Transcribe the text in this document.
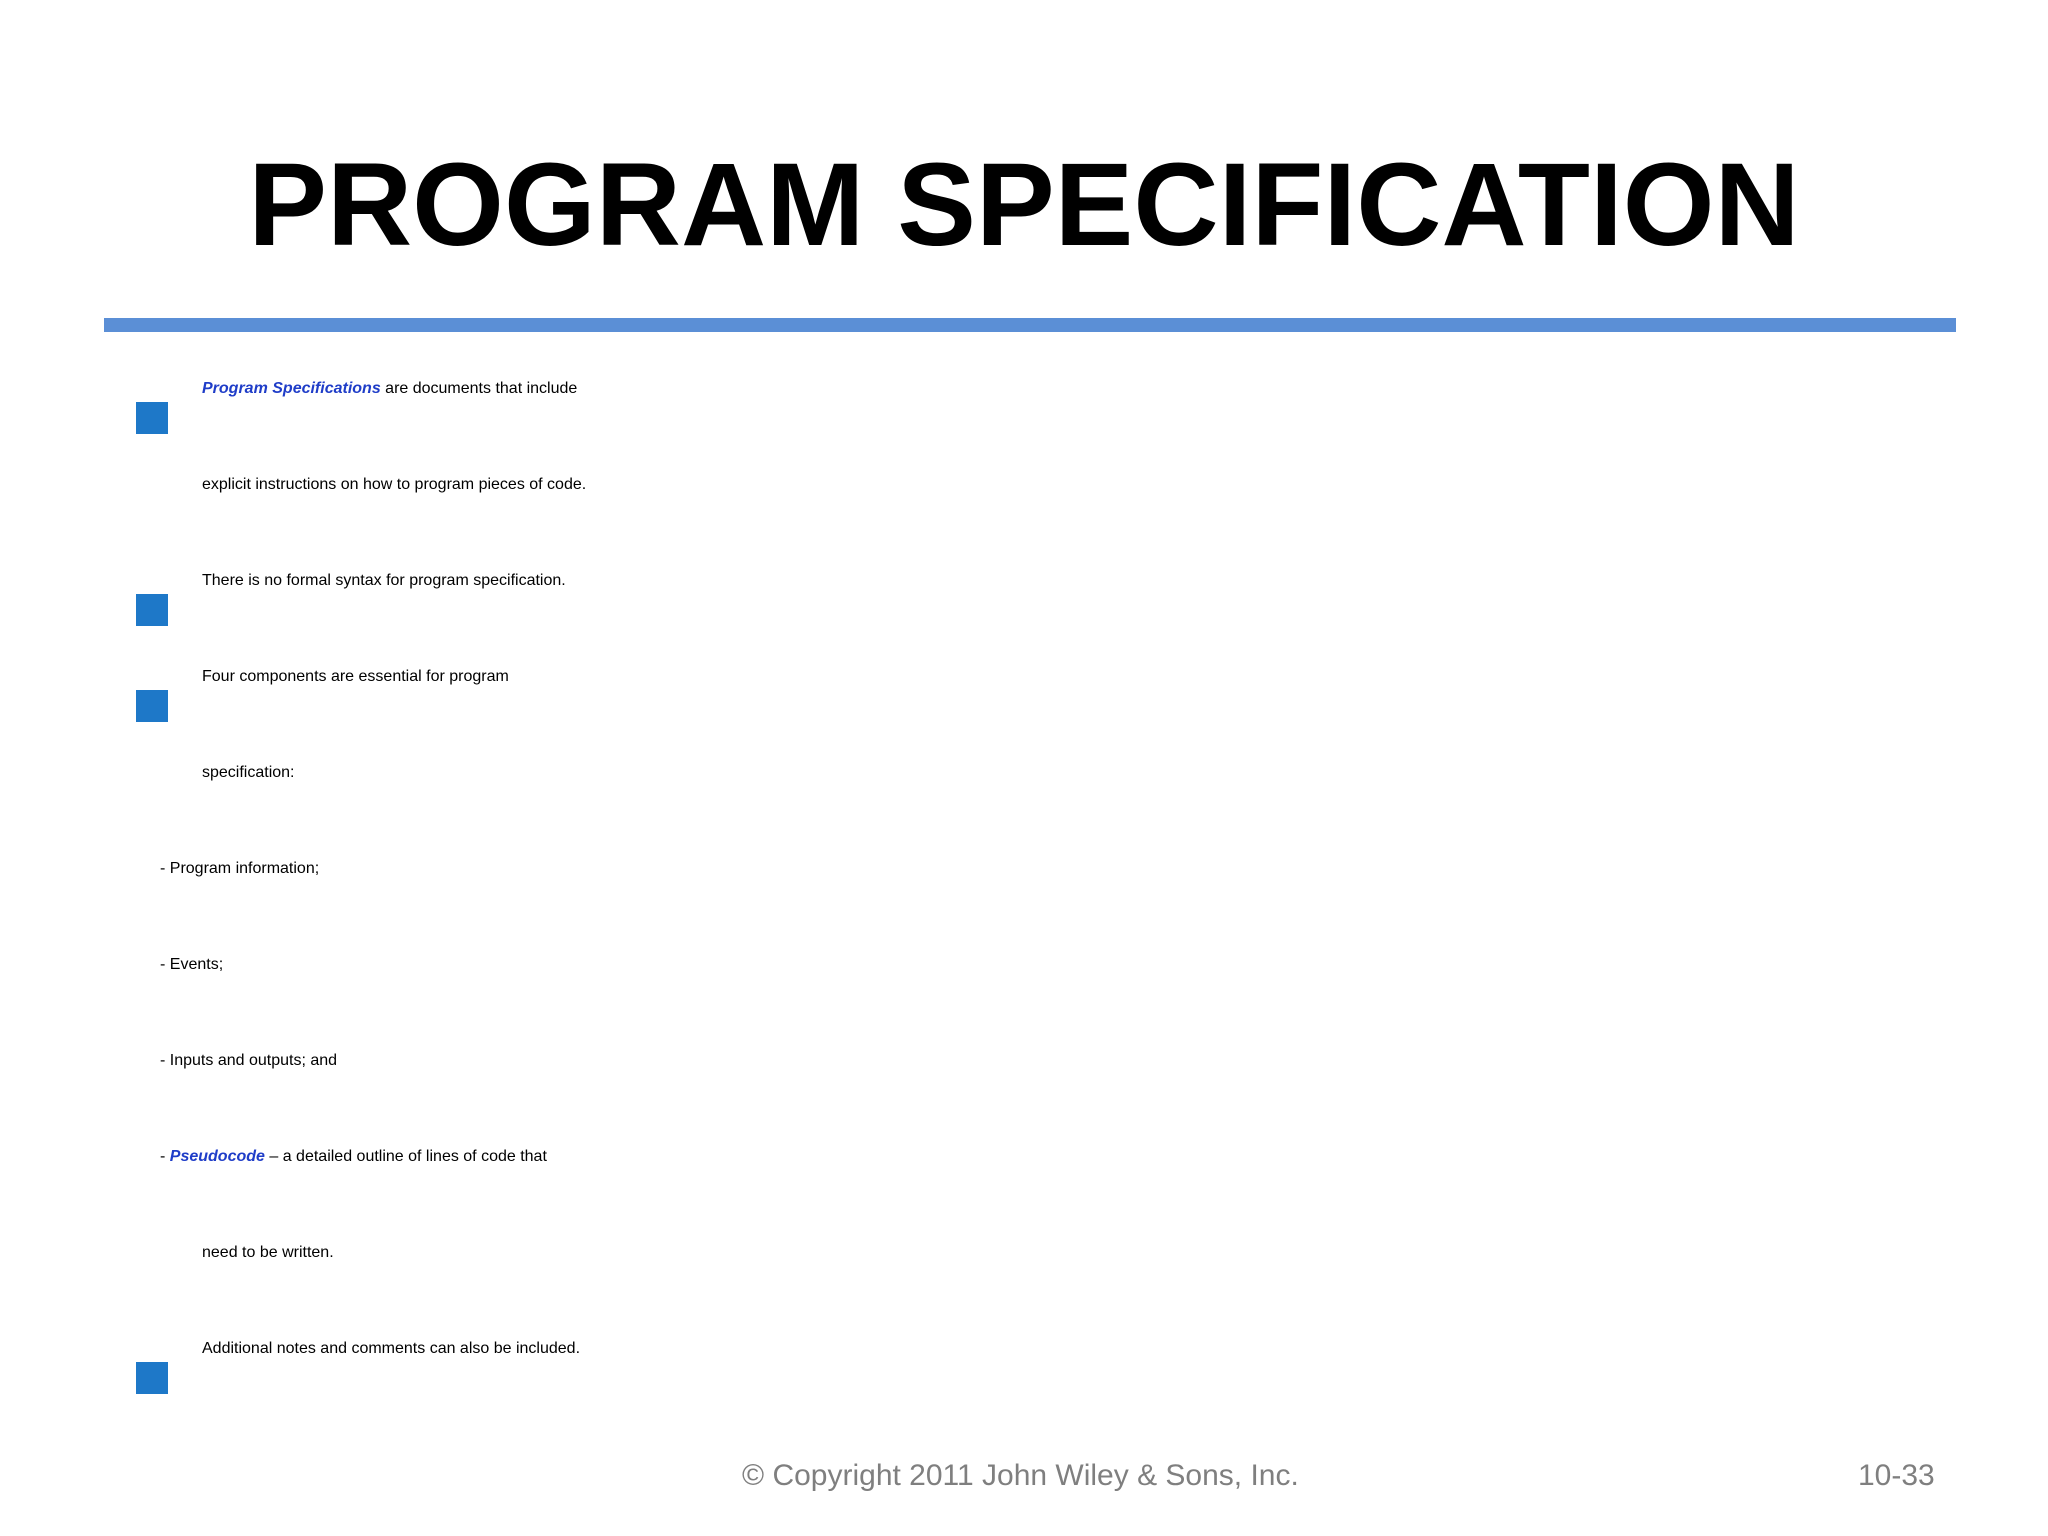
PROGRAM SPECIFICATION
Program Specifications are documents that include
explicit instructions on how to program pieces of code.
There is no formal syntax for program specification.
Four components are essential for program
specification:
- Program information;
- Events;
- Inputs and outputs; and
- Pseudocode – a detailed outline of lines of code that
need to be written.
Additional notes and comments can also be included.
© Copyright 2011 John Wiley & Sons, Inc.	10-33
